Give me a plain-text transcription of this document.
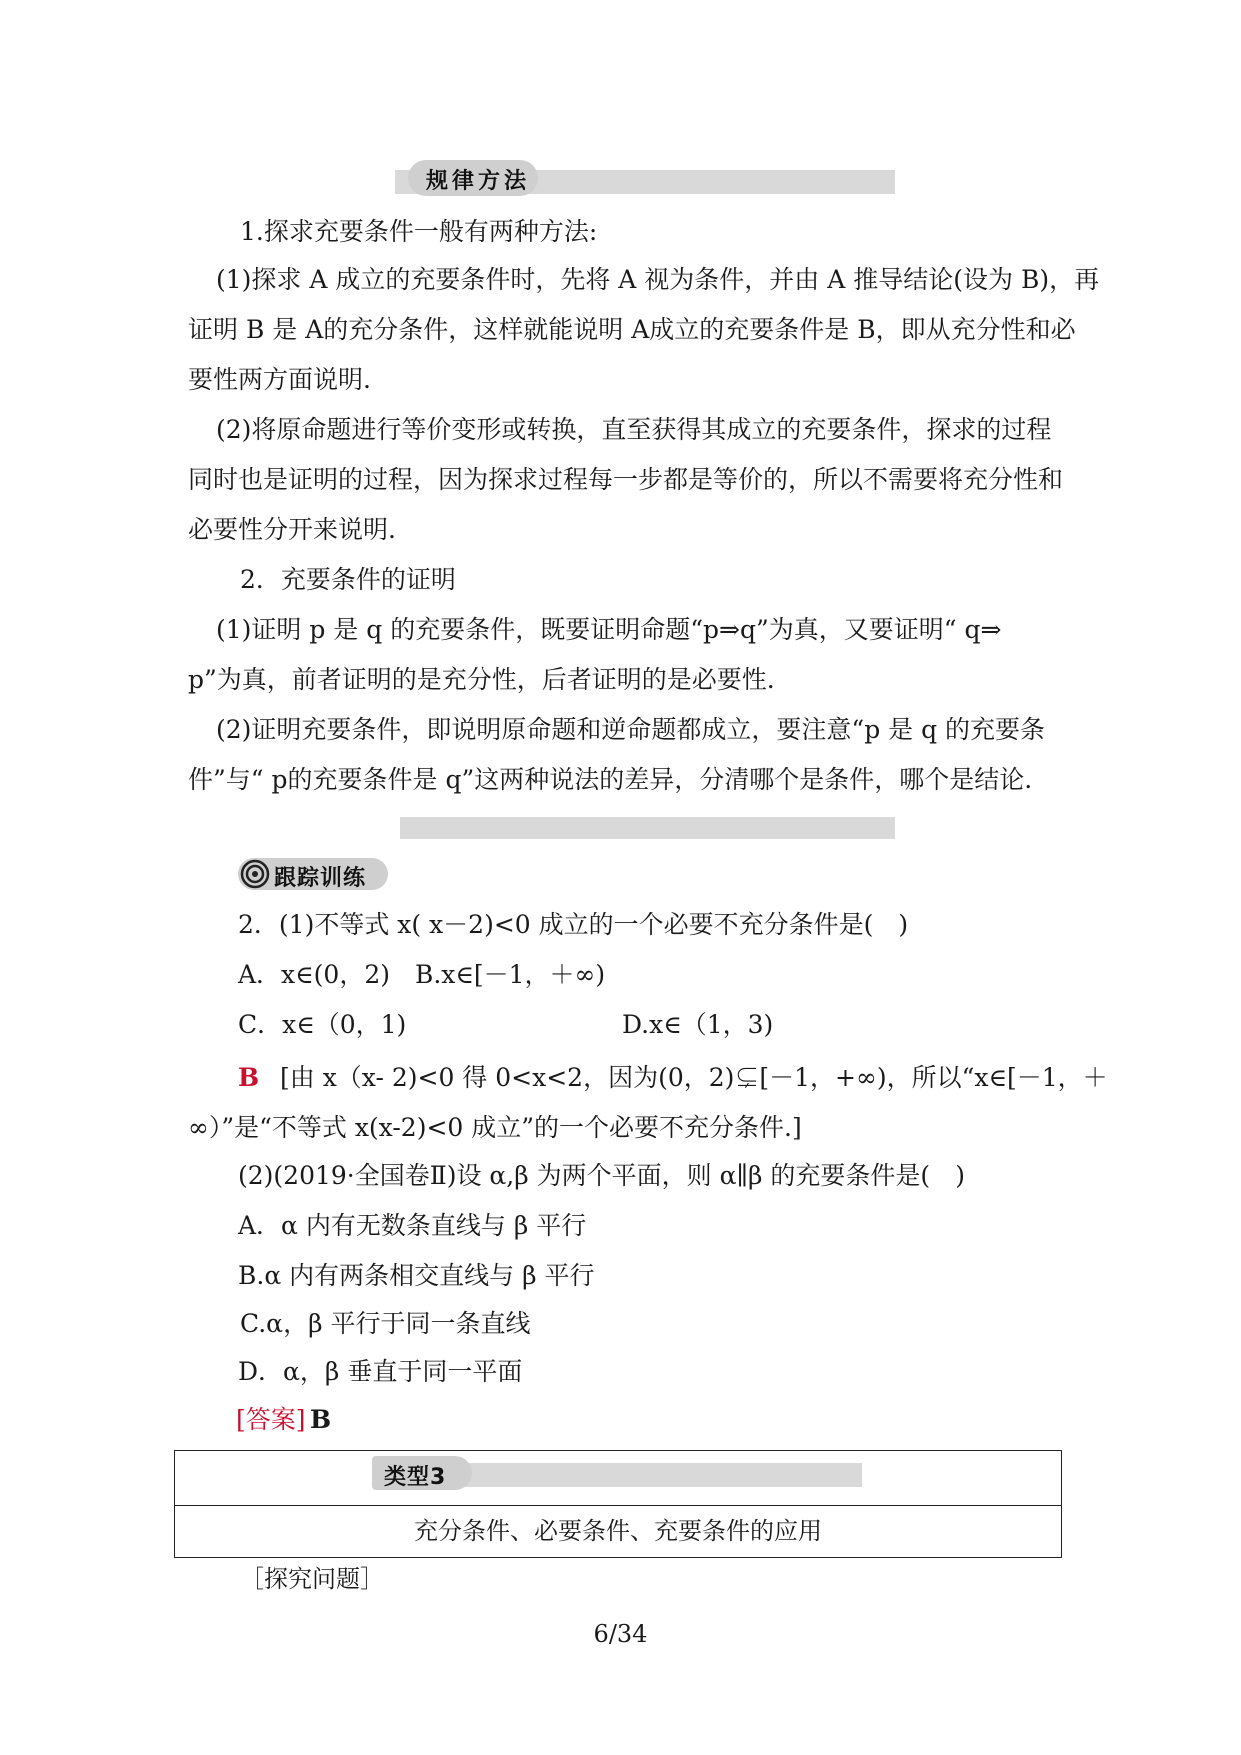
规律方法
1.探求充要条件一般有两种方法:
(1)探求 A 成立的充要条件时，先将 A 视为条件，并由 A 推导结论(设为 B)，再
证明 B 是 A的充分条件，这样就能说明 A成立的充要条件是 B，即从充分性和必
要性两方面说明.
(2)将原命题进行等价变形或转换，直至获得其成立的充要条件，探求的过程
同时也是证明的过程，因为探求过程每一步都是等价的，所以不需要将充分性和
必要性分开来说明.
2．充要条件的证明
(1)证明 p 是 q 的充要条件，既要证明命题“p⇒q”为真，又要证明“ q⇒
p”为真，前者证明的是充分性，后者证明的是必要性.
(2)证明充要条件，即说明原命题和逆命题都成立，要注意“p 是 q 的充要条
件”与“ p的充要条件是 q”这两种说法的差异，分清哪个是条件，哪个是结论.
跟踪训练
2．(1)不等式 x( x－2)<0 成立的一个必要不充分条件是(　)
A．x∈(0，2)　B.x∈[－1，＋∞)
C．x∈（0，1)	D.x∈（1，3)
B [由 x（x- 2)<0 得 0<x<2，因为(0，2)⊊[－1，+∞)，所以“x∈[－1，＋
∞）”是“不等式 x(x-2)<0 成立”的一个必要不充分条件.]
(2)(2019·全国卷Ⅱ)设 α,β 为两个平面，则 α∥β 的充要条件是(　)
A．α 内有无数条直线与 β 平行
B.α 内有两条相交直线与 β 平行
C.α，β 平行于同一条直线
D．α，β 垂直于同一平面
[答案] B
类型3
充分条件、必要条件、充要条件的应用
［探究问题］
6/34
